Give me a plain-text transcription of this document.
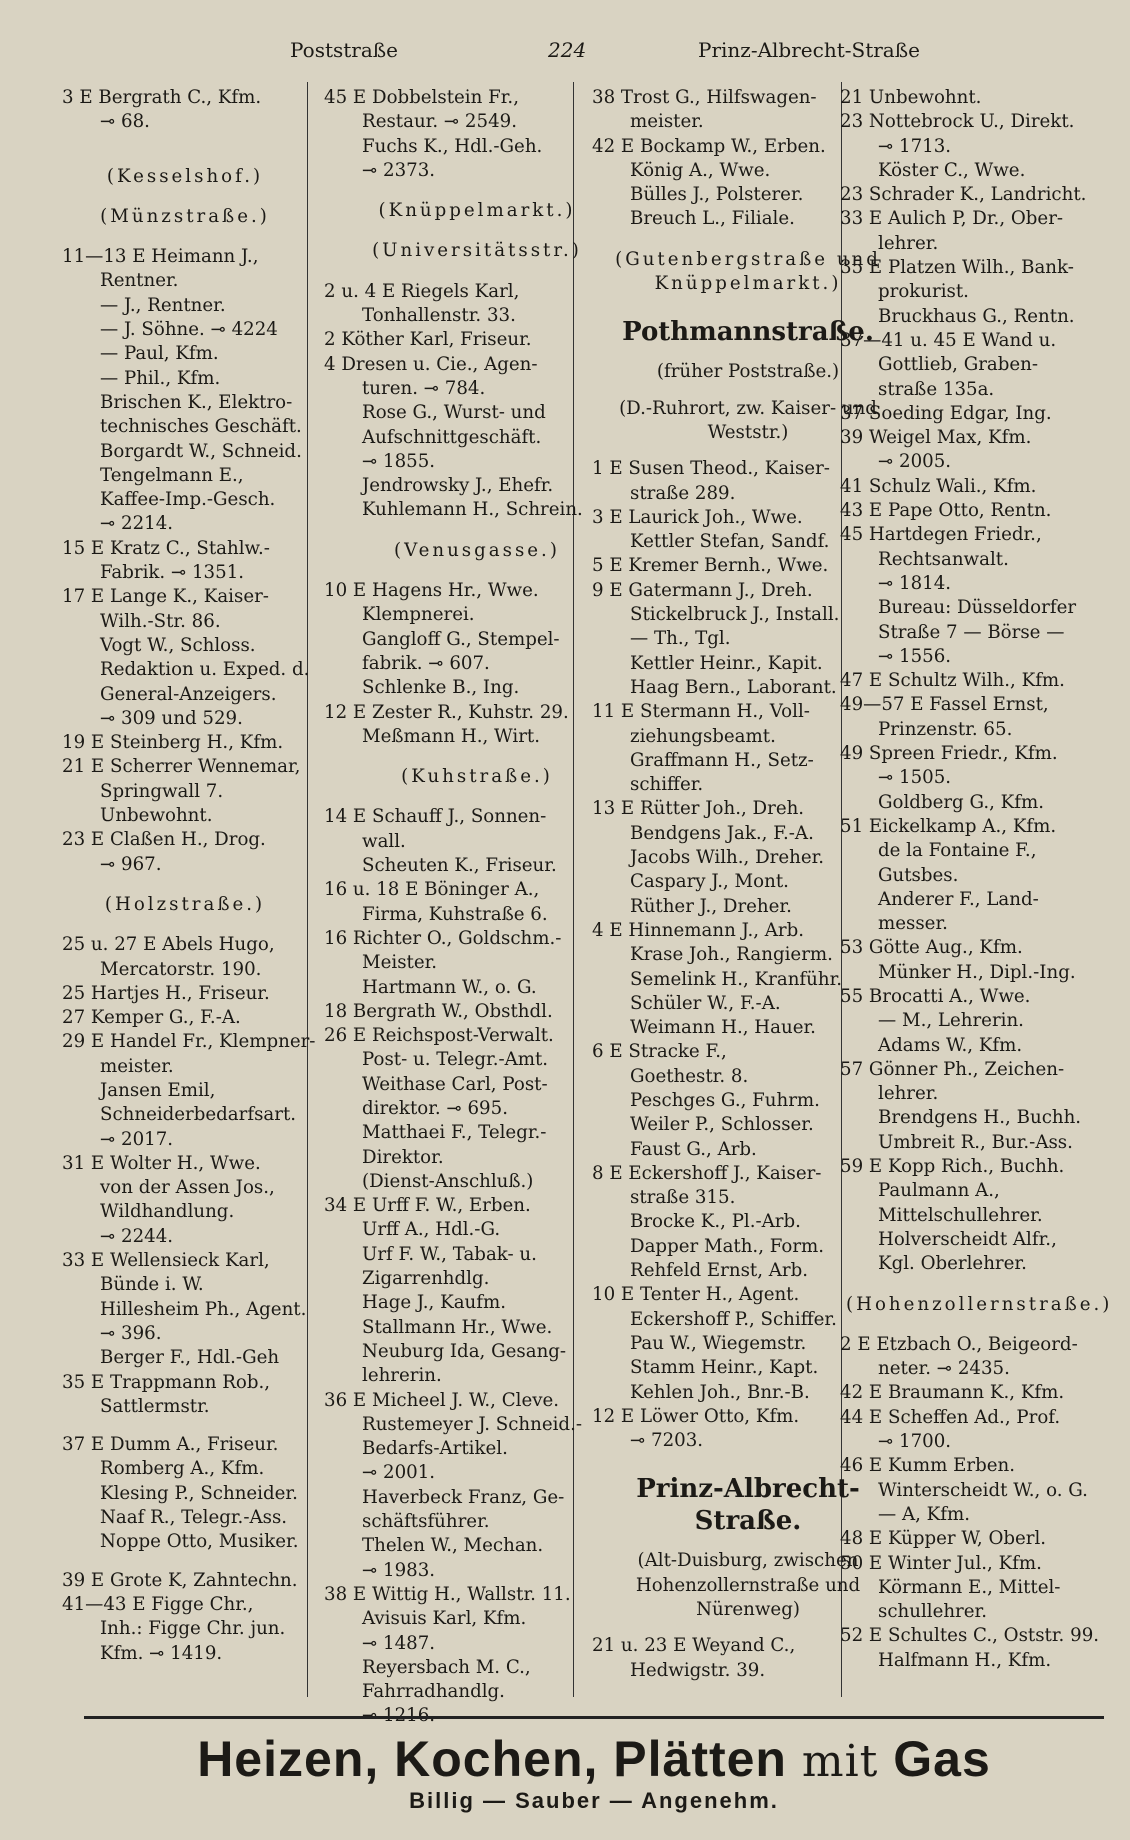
Poststraße	224	Prinz-Albrecht-Straße
3 E Bergrath C., Kfm.
⊸ 68.
(Kesselshof.)
(Münzstraße.)
11—13 E Heimann J.,
Rentner.
— J., Rentner.
— J. Söhne. ⊸ 4224
— Paul, Kfm.
— Phil., Kfm.
Brischen K., Elektro-
technisches Geschäft.
Borgardt W., Schneid.
Tengelmann E.,
Kaffee-Imp.-Gesch.
⊸ 2214.
15 E Kratz C., Stahlw.-
Fabrik. ⊸ 1351.
17 E Lange K., Kaiser-
Wilh.-Str. 86.
Vogt W., Schloss.
Redaktion u. Exped. d.
General-Anzeigers.
⊸ 309 und 529.
19 E Steinberg H., Kfm.
21 E Scherrer Wennemar,
Springwall 7.
Unbewohnt.
23 E Claßen H., Drog.
⊸ 967.
(Holzstraße.)
25 u. 27 E Abels Hugo,
Mercatorstr. 190.
25 Hartjes H., Friseur.
27 Kemper G., F.-A.
29 E Handel Fr., Klempner-
meister.
Jansen Emil,
Schneiderbedarfsart.
⊸ 2017.
31 E Wolter H., Wwe.
von der Assen Jos.,
Wildhandlung.
⊸ 2244.
33 E Wellensieck Karl,
Bünde i. W.
Hillesheim Ph., Agent.
⊸ 396.
Berger F., Hdl.-Geh
35 E Trappmann Rob.,
Sattlermstr.
37 E Dumm A., Friseur.
Romberg A., Kfm.
Klesing P., Schneider.
Naaf R., Telegr.-Ass.
Noppe Otto, Musiker.
39 E Grote K, Zahntechn.
41—43 E Figge Chr.,
Inh.: Figge Chr. jun.
Kfm. ⊸ 1419.
45 E Dobbelstein Fr.,
Restaur. ⊸ 2549.
Fuchs K., Hdl.-Geh.
⊸ 2373.
(Knüppelmarkt.)
(Universitätsstr.)
2 u. 4 E Riegels Karl,
Tonhallenstr. 33.
2 Köther Karl, Friseur.
4 Dresen u. Cie., Agen-
turen. ⊸ 784.
Rose G., Wurst- und
Aufschnittgeschäft.
⊸ 1855.
Jendrowsky J., Ehefr.
Kuhlemann H., Schrein.
(Venusgasse.)
10 E Hagens Hr., Wwe.
Klempnerei.
Gangloff G., Stempel-
fabrik. ⊸ 607.
Schlenke B., Ing.
12 E Zester R., Kuhstr. 29.
Meßmann H., Wirt.
(Kuhstraße.)
14 E Schauff J., Sonnen-
wall.
Scheuten K., Friseur.
16 u. 18 E Böninger A.,
Firma, Kuhstraße 6.
16 Richter O., Goldschm.-
Meister.
Hartmann W., o. G.
18 Bergrath W., Obsthdl.
26 E Reichspost-Verwalt.
Post- u. Telegr.-Amt.
Weithase Carl, Post-
direktor. ⊸ 695.
Matthaei F., Telegr.-
Direktor.
(Dienst-Anschluß.)
34 E Urff F. W., Erben.
Urff A., Hdl.-G.
Urf F. W., Tabak- u.
Zigarrenhdlg.
Hage J., Kaufm.
Stallmann Hr., Wwe.
Neuburg Ida, Gesang-
lehrerin.
36 E Micheel J. W., Cleve.
Rustemeyer J. Schneid.-
Bedarfs-Artikel.
⊸ 2001.
Haverbeck Franz, Ge-
schäftsführer.
Thelen W., Mechan.
⊸ 1983.
38 E Wittig H., Wallstr. 11.
Avisuis Karl, Kfm.
⊸ 1487.
Reyersbach M. C.,
Fahrradhandlg.
⊸ 1216.
38 Trost G., Hilfswagen-
meister.
42 E Bockamp W., Erben.
König A., Wwe.
Bülles J., Polsterer.
Breuch L., Filiale.
(Gutenbergstraße und Knüppelmarkt.)
Pothmannstraße.
(früher Poststraße.)
(D.-Ruhrort, zw. Kaiser- und Weststr.)
1 E Susen Theod., Kaiser-
straße 289.
3 E Laurick Joh., Wwe.
Kettler Stefan, Sandf.
5 E Kremer Bernh., Wwe.
9 E Gatermann J., Dreh.
Stickelbruck J., Install.
— Th., Tgl.
Kettler Heinr., Kapit.
Haag Bern., Laborant.
11 E Stermann H., Voll-
ziehungsbeamt.
Graffmann H., Setz-
schiffer.
13 E Rütter Joh., Dreh.
Bendgens Jak., F.-A.
Jacobs Wilh., Dreher.
Caspary J., Mont.
Rüther J., Dreher.
4 E Hinnemann J., Arb.
Krase Joh., Rangierm.
Semelink H., Kranführ.
Schüler W., F.-A.
Weimann H., Hauer.
6 E Stracke F.,
Goethestr. 8.
Peschges G., Fuhrm.
Weiler P., Schlosser.
Faust G., Arb.
8 E Eckershoff J., Kaiser-
straße 315.
Brocke K., Pl.-Arb.
Dapper Math., Form.
Rehfeld Ernst, Arb.
10 E Tenter H., Agent.
Eckershoff P., Schiffer.
Pau W., Wiegemstr.
Stamm Heinr., Kapt.
Kehlen Joh., Bnr.-B.
12 E Löwer Otto, Kfm.
⊸ 7203.
Prinz-Albrecht-Straße.
(Alt-Duisburg, zwischen Hohenzollernstraße und Nürenweg)
21 u. 23 E Weyand C.,
Hedwigstr. 39.
21 Unbewohnt.
23 Nottebrock U., Direkt.
⊸ 1713.
Köster C., Wwe.
23 Schrader K., Landricht.
33 E Aulich P, Dr., Ober-
lehrer.
35 E Platzen Wilh., Bank-
prokurist.
Bruckhaus G., Rentn.
37—41 u. 45 E Wand u.
Gottlieb, Graben-
straße 135a.
37 Soeding Edgar, Ing.
39 Weigel Max, Kfm.
⊸ 2005.
41 Schulz Wali., Kfm.
43 E Pape Otto, Rentn.
45 Hartdegen Friedr.,
Rechtsanwalt.
⊸ 1814.
Bureau: Düsseldorfer
Straße 7 — Börse —
⊸ 1556.
47 E Schultz Wilh., Kfm.
49—57 E Fassel Ernst,
Prinzenstr. 65.
49 Spreen Friedr., Kfm.
⊸ 1505.
Goldberg G., Kfm.
51 Eickelkamp A., Kfm.
de la Fontaine F.,
Gutsbes.
Anderer F., Land-
messer.
53 Götte Aug., Kfm.
Münker H., Dipl.-Ing.
55 Brocatti A., Wwe.
— M., Lehrerin.
Adams W., Kfm.
57 Gönner Ph., Zeichen-
lehrer.
Brendgens H., Buchh.
Umbreit R., Bur.-Ass.
59 E Kopp Rich., Buchh.
Paulmann A.,
Mittelschullehrer.
Holverscheidt Alfr.,
Kgl. Oberlehrer.
(Hohenzollernstraße.)
2 E Etzbach O., Beigeord-
neter. ⊸ 2435.
42 E Braumann K., Kfm.
44 E Scheffen Ad., Prof.
⊸ 1700.
46 E Kumm Erben.
Winterscheidt W., o. G.
— A, Kfm.
48 E Küpper W, Oberl.
50 E Winter Jul., Kfm.
Körmann E., Mittel-
schullehrer.
52 E Schultes C., Oststr. 99.
Halfmann H., Kfm.
Heizen, Kochen, Plätten mit Gas
Billig — Sauber — Angenehm.
